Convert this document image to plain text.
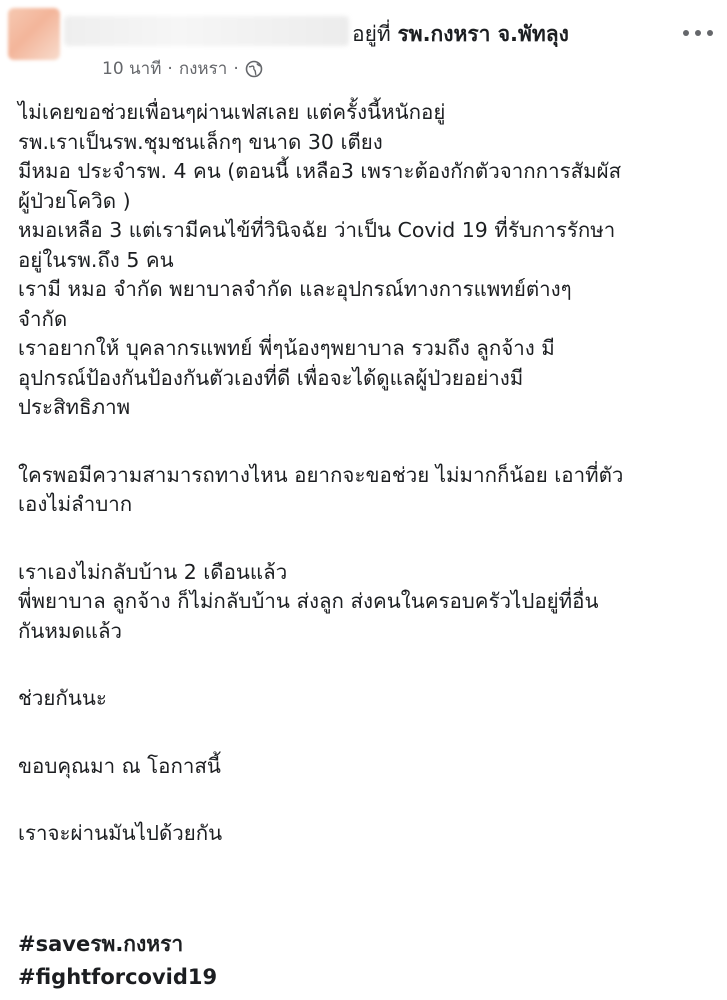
อยู่ที่ รพ.กงหรา จ.พัทลุง
10 นาที · กงหรา ·
ไม่เคยขอช่วยเพื่อนๆผ่านเฟสเลย แต่ครั้งนี้หนักอยู่
รพ.เราเป็นรพ.ชุมชนเล็กๆ ขนาด 30 เตียง
มีหมอ ประจำรพ. 4 คน (ตอนนี้ เหลือ3 เพราะต้องกักตัวจากการสัมผัส
ผู้ป่วยโควิด )
หมอเหลือ 3 แต่เรามีคนไข้ที่วินิจฉัย ว่าเป็น Covid 19 ที่รับการรักษา
อยู่ในรพ.ถึง 5 คน
เรามี หมอ จำกัด พยาบาลจำกัด และอุปกรณ์ทางการแพทย์ต่างๆ
จำกัด
เราอยากให้ บุคลากรแพทย์ พี่ๆน้องๆพยาบาล รวมถึง ลูกจ้าง มี
อุปกรณ์ป้องกันป้องกันตัวเองที่ดี เพื่อจะได้ดูแลผู้ป่วยอย่างมี
ประสิทธิภาพ
ใครพอมีความสามารถทางไหน อยากจะขอช่วย ไม่มากก็น้อย เอาที่ตัว
เองไม่ลำบาก
เราเองไม่กลับบ้าน 2 เดือนแล้ว
พี่พยาบาล ลูกจ้าง ก็ไม่กลับบ้าน ส่งลูก ส่งคนในครอบครัวไปอยู่ที่อื่น
กันหมดแล้ว
ช่วยกันนะ
ขอบคุณมา ณ โอกาสนี้
เราจะผ่านมันไปด้วยกัน
#saveรพ.กงหรา
#fightforcovid19
